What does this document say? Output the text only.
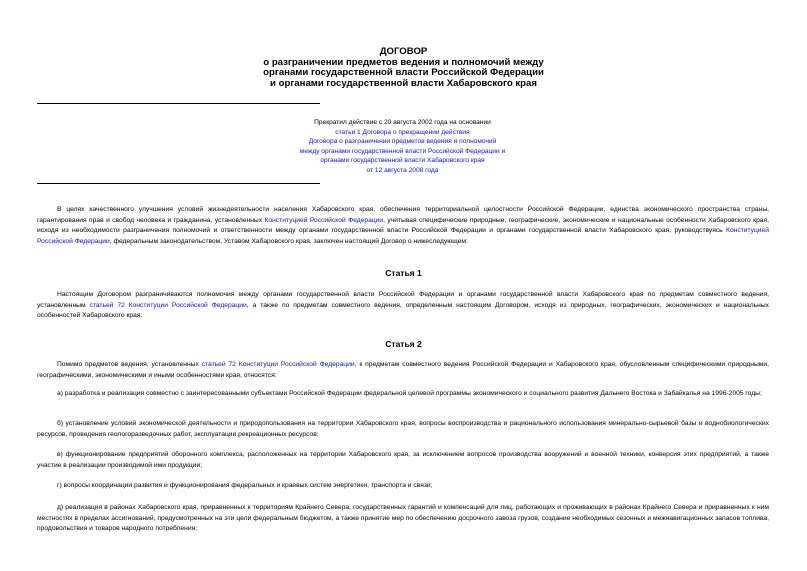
ДОГОВОР
о разграничении предметов ведения и полномочий между
органами государственной власти Российской Федерации
и органами государственной власти Хабаровского края
Прекратил действие с 20 августа 2002 года на основании
статьи 1 Договора о прекращении действия
Договора о разграничении предметов ведения и полномочий
между органами государственной власти Российской Федерации и
органами государственной власти Хабаровского края
от 12 августа 2008 года
В целях качественного улучшения условий жизнедеятельности населения Хабаровского края, обеспечения территориальной целостности Российской Федерации, единства экономического пространства страны, гарантирования прав и свобод человека и гражданина, установленных Конституцией Российской Федерации, учитывая специфические природные, географические, экономические и национальные особенности Хабаровского края, исходя из необходимости разграничения полномочий и ответственности между органами государственной власти Российской Федерации и органами государственной власти Хабаровского края, руководствуясь Конституцией Российской Федерации, федеральным законодательством, Уставом Хабаровского края, заключен настоящий Договор о нижеследующем:
Статья 1
Настоящим Договором разграничиваются полномочия между органами государственной власти Российской Федерации и органами государственной власти Хабаровского края по предметам совместного ведения, установленным статьей 72 Конституции Российской Федерации, а также по предметам совместного ведения, определенным настоящим Договором, исходя из природных, географических, экономических и национальных особенностей Хабаровского края.
Статья 2
Помимо предметов ведения, установленных статьей 72 Конституции Российской Федерации, к предметам совместного ведения Российской Федерации и Хабаровского края, обусловленным специфическими природными, географическими, экономическими и иными особенностями края, относятся:
а) разработка и реализация совместно с заинтересованными субъектами Российской Федерации федеральной целевой программы экономического и социального развития Дальнего Востока и Забайкалья на 1996-2005 годы;
б) установление условий экономической деятельности и природопользования на территории Хабаровского края, вопросы воспроизводства и рационального использования минерально-сырьевой базы и воднобиологических ресурсов, проведения геологоразведочных работ, эксплуатации рекреационных ресурсов;
в) функционирование предприятий оборонного комплекса, расположенных на территории Хабаровского края, за исключением вопросов производства вооружений и военной техники, конверсия этих предприятий, а также участие в реализации производимой ими продукции;
г) вопросы координации развития и функционирования федеральных и краевых систем энергетики, транспорта и связи;
д) реализация в районах Хабаровского края, приравненных к территориям Крайнего Севера, государственных гарантий и компенсаций для лиц, работающих и проживающих в районах Крайнего Севера и приравненных к ним местностях в пределах ассигнований, предусмотренных на эти цели федеральным бюджетом, а также принятие мер по обеспечению досрочного завоза грузов, создание необходимых сезонных и межнавигационных запасов топлива, продовольствия и товаров народного потребления;
